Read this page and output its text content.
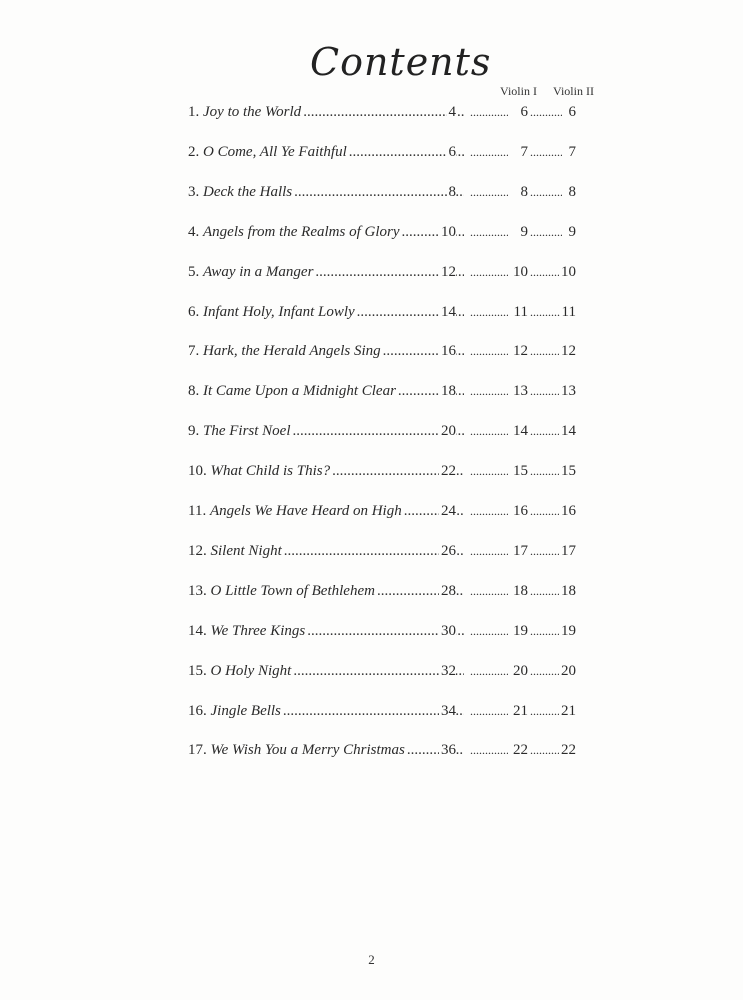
Contents
Violin I Violin II
1. Joy to the World .....	4 .....	6 .....	6
2. O Come, All Ye Faithful .....	6 .....	7 .....	7
3. Deck the Halls .....	8 .....	8 .....	8
4. Angels from the Realms of Glory .....	10 .....	9 .....	9
5. Away in a Manger .....	12 .....	10 ..... 10
6. Infant Holy, Infant Lowly .....	14 .....	11 ..... 11
7. Hark, the Herald Angels Sing .....	16 .....	12 ..... 12
8. It Came Upon a Midnight Clear .....	18 .....	13 ..... 13
9. The First Noel .....	20 .....	14 ..... 14
10. What Child is This? .....	22 .....	15 ..... 15
11. Angels We Have Heard on High .....	24 .....	16 ..... 16
12. Silent Night .....	26 .....	17 ..... 17
13. O Little Town of Bethlehem .....	28 .....	18 ..... 18
14. We Three Kings .....	30 .....	19 ..... 19
15. O Holy Night .....	32 .....	20 ..... 20
16. Jingle Bells .....	34 .....	21 ..... 21
17. We Wish You a Merry Christmas .....	36 .....	22 ..... 22
2
